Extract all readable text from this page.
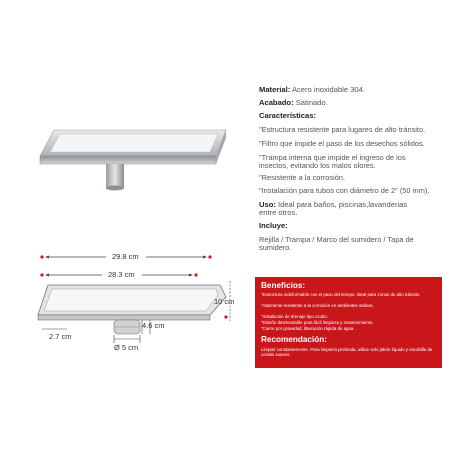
29.8 cm
28.3 cm
10 cm
2.7 cm
4.6 cm
Ø 5 cm
Material: Acero inoxidable 304.
Acabado: Satinado.
Características:
"Estructura resistente para lugares de alto tránsito.
"Filtro que impide el paso de los desechos sólidos.
"Trampa interna que impide el ingreso de los insectos, evitando los malos olores.
"Resistente a la corrosión.
"Instalación para tubos con diámetro de 2" (50 mm).
Uso: Ideal para baños, piscinas,lavanderias entre otros.
Incluye:
Rejilla / Trampa / Marco del sumidero / Tapa de sumidero.
Beneficios:
"Estructura indeformable con el paso del tiempo. Ideal para zonas de alto tránsito.
"Altamente resistente a la corrosión en ambientes salinos.
"Instalación de drenaje tipo oculto.
"Diseño desmontable para fácil limpieza y mantenimiento.
"Cierre por gravedad, liberación rápida de agua.
Recomendación:
Limpiar constantemente. Para limpieza profunda, utilice solo jabón líquido y escobilla de cerdas suaves.
